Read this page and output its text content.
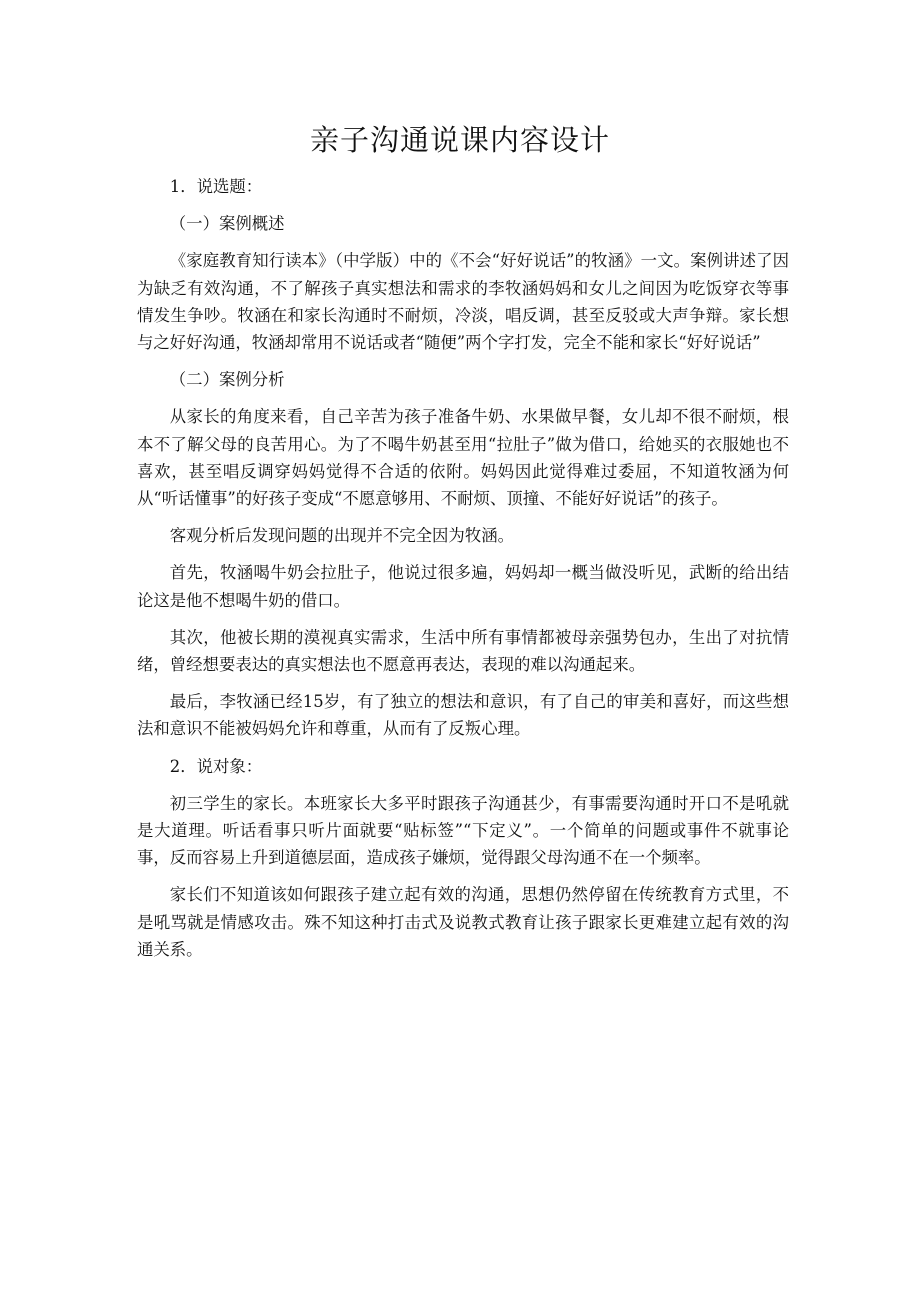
亲子沟通说课内容设计

1．说选题：

（一）案例概述

《家庭教育知行读本》（中学版）中的《不会“好好说话”的牧涵》一文。案例讲述了因为缺乏有效沟通，不了解孩子真实想法和需求的李牧涵妈妈和女儿之间因为吃饭穿衣等事情发生争吵。牧涵在和家长沟通时不耐烦，冷淡，唱反调，甚至反驳或大声争辩。家长想与之好好沟通，牧涵却常用不说话或者“随便”两个字打发，完全不能和家长“好好说话”

（二）案例分析

从家长的角度来看，自己辛苦为孩子准备牛奶、水果做早餐，女儿却不很不耐烦，根本不了解父母的良苦用心。为了不喝牛奶甚至用“拉肚子”做为借口，给她买的衣服她也不喜欢，甚至唱反调穿妈妈觉得不合适的依附。妈妈因此觉得难过委屈，不知道牧涵为何从“听话懂事”的好孩子变成“不愿意够用、不耐烦、顶撞、不能好好说话”的孩子。

客观分析后发现问题的出现并不完全因为牧涵。

首先，牧涵喝牛奶会拉肚子，他说过很多遍，妈妈却一概当做没听见，武断的给出结论这是他不想喝牛奶的借口。

其次，他被长期的漠视真实需求，生活中所有事情都被母亲强势包办，生出了对抗情绪，曾经想要表达的真实想法也不愿意再表达，表现的难以沟通起来。

最后，李牧涵已经15岁，有了独立的想法和意识，有了自己的审美和喜好，而这些想法和意识不能被妈妈允许和尊重，从而有了反叛心理。

2．说对象：

初三学生的家长。本班家长大多平时跟孩子沟通甚少，有事需要沟通时开口不是吼就是大道理。听话看事只听片面就要“贴标签”“下定义”。一个简单的问题或事件不就事论事，反而容易上升到道德层面，造成孩子嫌烦，觉得跟父母沟通不在一个频率。

家长们不知道该如何跟孩子建立起有效的沟通，思想仍然停留在传统教育方式里，不是吼骂就是情感攻击。殊不知这种打击式及说教式教育让孩子跟家长更难建立起有效的沟通关系。
